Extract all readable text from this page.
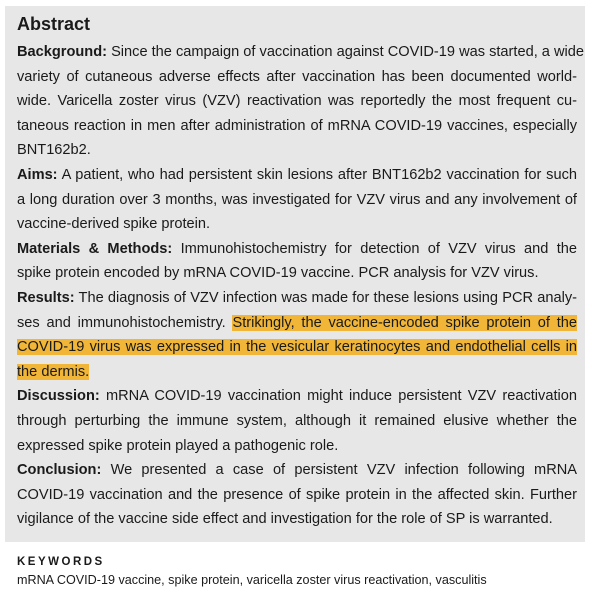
Abstract
Background: Since the campaign of vaccination against COVID-19 was started, a wide
variety of cutaneous adverse effects after vaccination has been documented world-
wide. Varicella zoster virus (VZV) reactivation was reportedly the most frequent cu-
taneous reaction in men after administration of mRNA COVID-19 vaccines, especially
BNT162b2.
Aims: A patient, who had persistent skin lesions after BNT162b2 vaccination for such
a long duration over 3 months, was investigated for VZV virus and any involvement of
vaccine-derived spike protein.
Materials & Methods: Immunohistochemistry for detection of VZV virus and the
spike protein encoded by mRNA COVID-19 vaccine. PCR analysis for VZV virus.
Results: The diagnosis of VZV infection was made for these lesions using PCR analy-
ses and immunohistochemistry. Strikingly, the vaccine-encoded spike protein of the
COVID-19 virus was expressed in the vesicular keratinocytes and endothelial cells in
the dermis.
Discussion: mRNA COVID-19 vaccination might induce persistent VZV reactivation
through perturbing the immune system, although it remained elusive whether the
expressed spike protein played a pathogenic role.
Conclusion: We presented a case of persistent VZV infection following mRNA
COVID-19 vaccination and the presence of spike protein in the affected skin. Further
vigilance of the vaccine side effect and investigation for the role of SP is warranted.
KEYWORDS
mRNA COVID-19 vaccine, spike protein, varicella zoster virus reactivation, vasculitis
